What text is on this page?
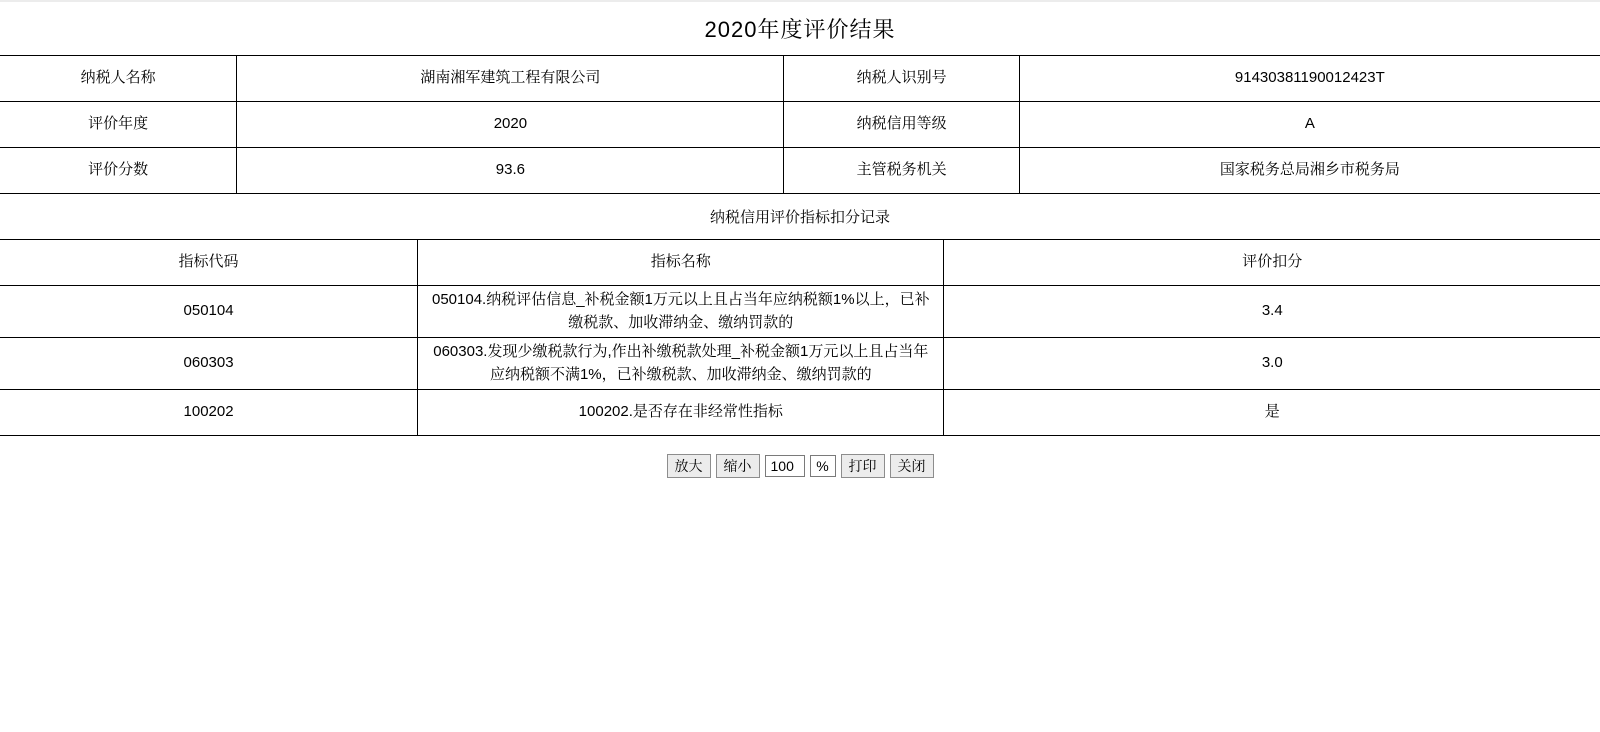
2020年度评价结果
纳税人名称	湖南湘军建筑工程有限公司	纳税人识别号	91430381190012423T
评价年度	2020	纳税信用等级	A
评价分数	93.6	主管税务机关	国家税务总局湘乡市税务局
纳税信用评价指标扣分记录
指标代码	指标名称	评价扣分
050104	050104.纳税评估信息_补税金额1万元以上且占当年应纳税额1%以上，已补缴税款、加收滞纳金、缴纳罚款的	3.4
060303	060303.发现少缴税款行为,作出补缴税款处理_补税金额1万元以上且占当年应纳税额不满1%，已补缴税款、加收滞纳金、缴纳罚款的	3.0
100202	100202.是否存在非经常性指标	是
放大	缩小
100	%	打印	关闭
